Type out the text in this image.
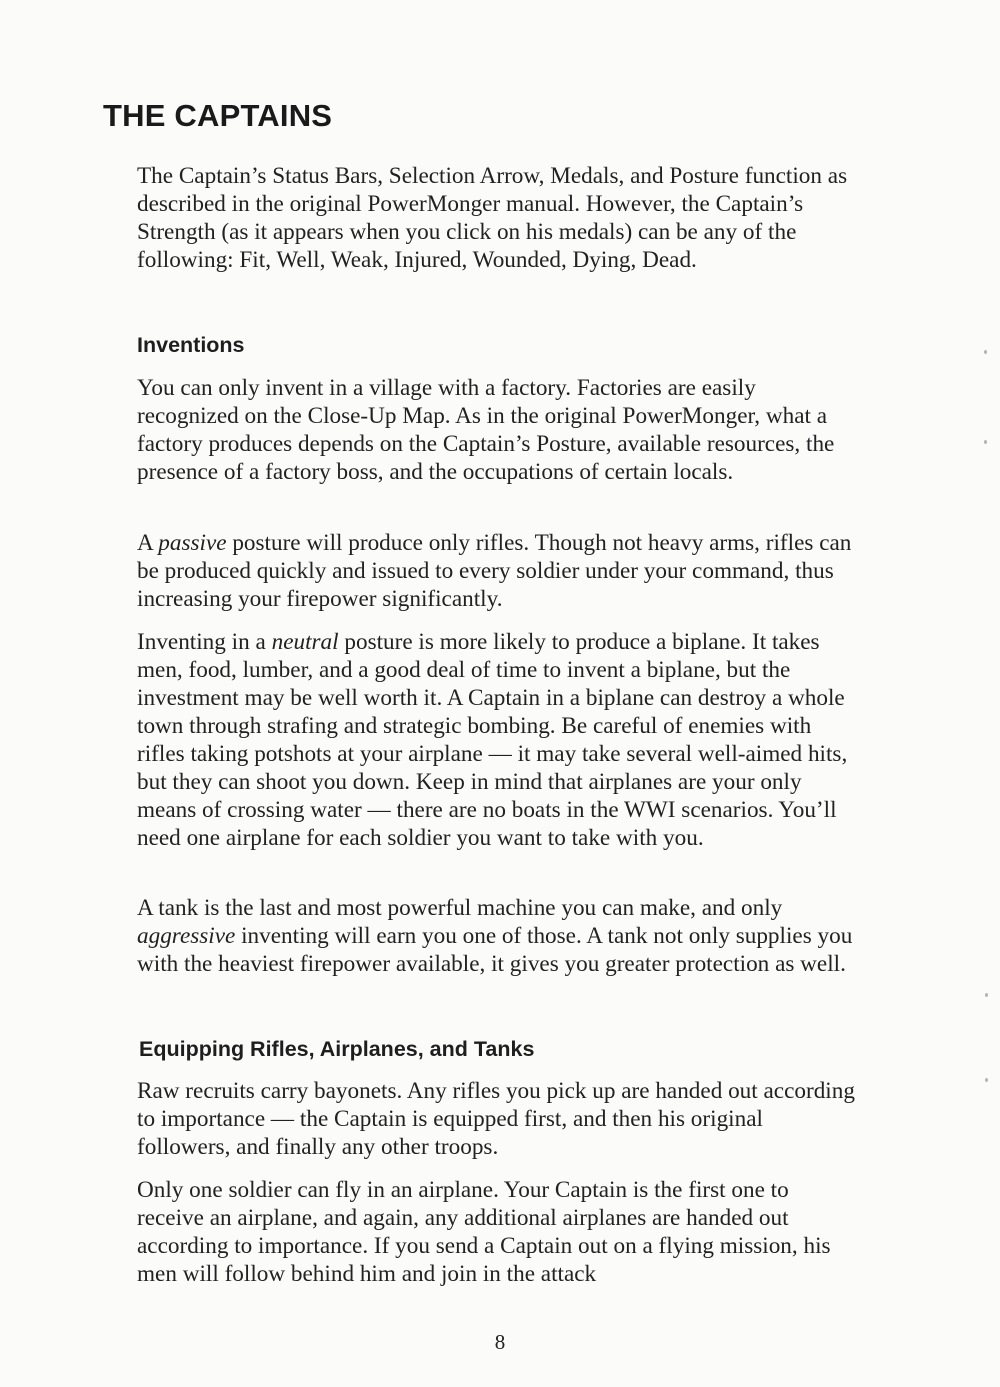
THE CAPTAINS

The Captain’s Status Bars, Selection Arrow, Medals, and Posture function as described in the original PowerMonger manual. However, the Captain’s Strength (as it appears when you click on his medals) can be any of the following: Fit, Well, Weak, Injured, Wounded, Dying, Dead.

Inventions

You can only invent in a village with a factory. Factories are easily recognized on the Close-Up Map. As in the original PowerMonger, what a factory produces depends on the Captain’s Posture, available resources, the presence of a factory boss, and the occupations of certain locals.

A passive posture will produce only rifles. Though not heavy arms, rifles can be produced quickly and issued to every soldier under your command, thus increasing your firepower significantly.

Inventing in a neutral posture is more likely to produce a biplane. It takes men, food, lumber, and a good deal of time to invent a biplane, but the investment may be well worth it. A Captain in a biplane can destroy a whole town through strafing and strategic bombing. Be careful of enemies with rifles taking potshots at your airplane — it may take several well-aimed hits, but they can shoot you down. Keep in mind that airplanes are your only means of crossing water — there are no boats in the WWI scenarios. You’ll need one airplane for each soldier you want to take with you.

A tank is the last and most powerful machine you can make, and only aggressive inventing will earn you one of those. A tank not only supplies you with the heaviest firepower available, it gives you greater protection as well.

Equipping Rifles, Airplanes, and Tanks

Raw recruits carry bayonets. Any rifles you pick up are handed out according to importance — the Captain is equipped first, and then his original followers, and finally any other troops.

Only one soldier can fly in an airplane. Your Captain is the first one to receive an airplane, and again, any additional airplanes are handed out according to importance. If you send a Captain out on a flying mission, his men will follow behind him and join in the attack

8
